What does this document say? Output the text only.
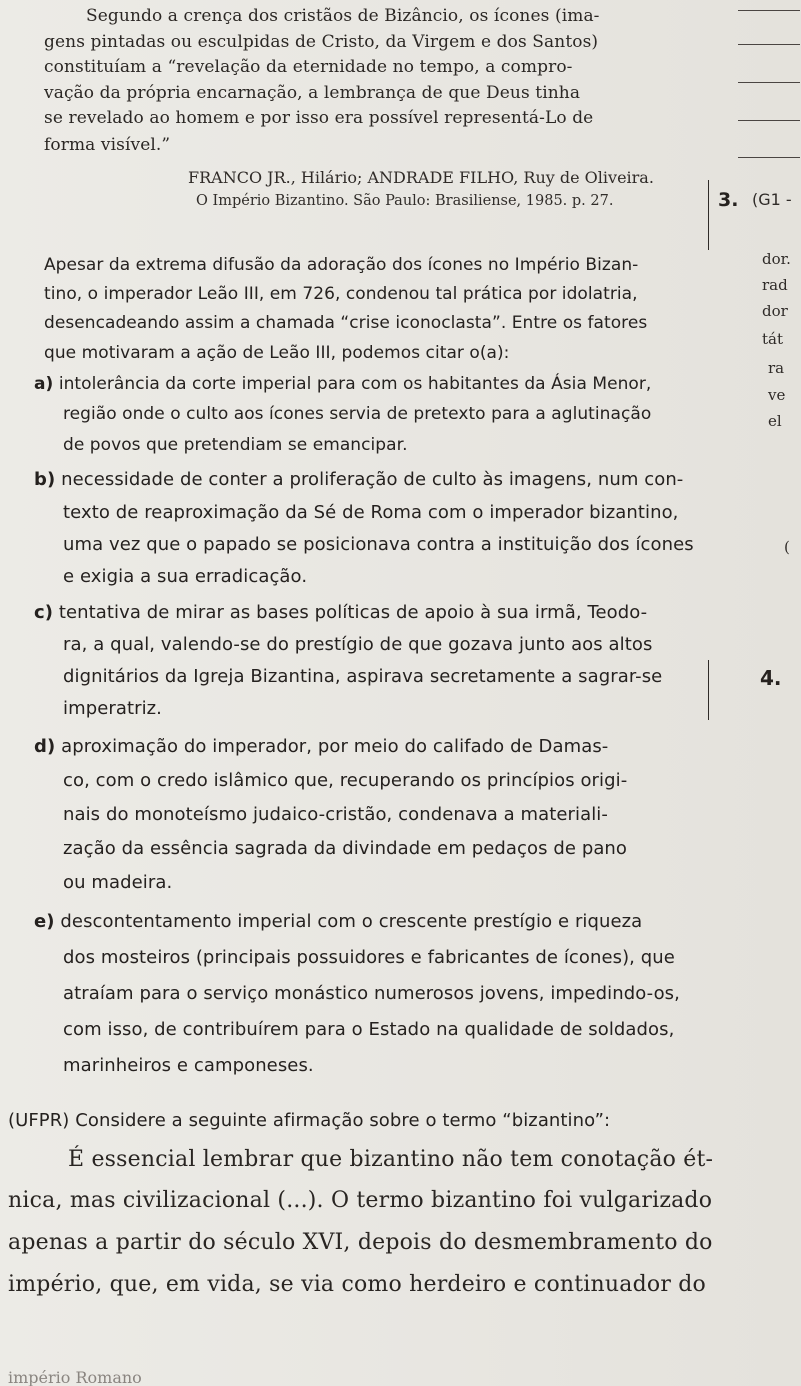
Segundo a crença dos cristãos de Bizâncio, os ícones (ima-

gens pintadas ou esculpidas de Cristo, da Virgem e dos Santos)

constituíam a “revelação da eternidade no tempo, a compro-

vação da própria encarnação, a lembrança de que Deus tinha

se revelado ao homem e por isso era possível representá-Lo de

forma visível.”

FRANCO JR., Hilário; ANDRADE FILHO, Ruy de Oliveira.

O Império Bizantino. São Paulo: Brasiliense, 1985. p. 27.

Apesar da extrema difusão da adoração dos ícones no Império Bizan-

tino, o imperador Leão III, em 726, condenou tal prática por idolatria,

desencadeando assim a chamada “crise iconoclasta”. Entre os fatores

que motivaram a ação de Leão III, podemos citar o(a):

a) intolerância da corte imperial para com os habitantes da Ásia Menor,

região onde o culto aos ícones servia de pretexto para a aglutinação

de povos que pretendiam se emancipar.

b) necessidade de conter a proliferação de culto às imagens, num con-

texto de reaproximação da Sé de Roma com o imperador bizantino,

uma vez que o papado se posicionava contra a instituição dos ícones

e exigia a sua erradicação.

c) tentativa de mirar as bases políticas de apoio à sua irmã, Teodo-

ra, a qual, valendo-se do prestígio de que gozava junto aos altos

dignitários da Igreja Bizantina, aspirava secretamente a sagrar-se

imperatriz.

d) aproximação do imperador, por meio do califado de Damas-

co, com o credo islâmico que, recuperando os princípios origi-

nais do monoteísmo judaico-cristão, condenava a materiali-

zação da essência sagrada da divindade em pedaços de pano

ou madeira.

e) descontentamento imperial com o crescente prestígio e riqueza

dos mosteiros (principais possuidores e fabricantes de ícones), que

atraíam para o serviço monástico numerosos jovens, impedindo-os,

com isso, de contribuírem para o Estado na qualidade de soldados,

marinheiros e camponeses.

(UFPR) Considere a seguinte afirmação sobre o termo “bizantino”:

É essencial lembrar que bizantino não tem conotação ét-

nica, mas civilizacional (...). O termo bizantino foi vulgarizado

apenas a partir do século XVI, depois do desmembramento do

império, que, em vida, se via como herdeiro e continuador do

império Romano

3. (G1 -
dor.
rad
dor
tát
ra
ve
el
(
4.
